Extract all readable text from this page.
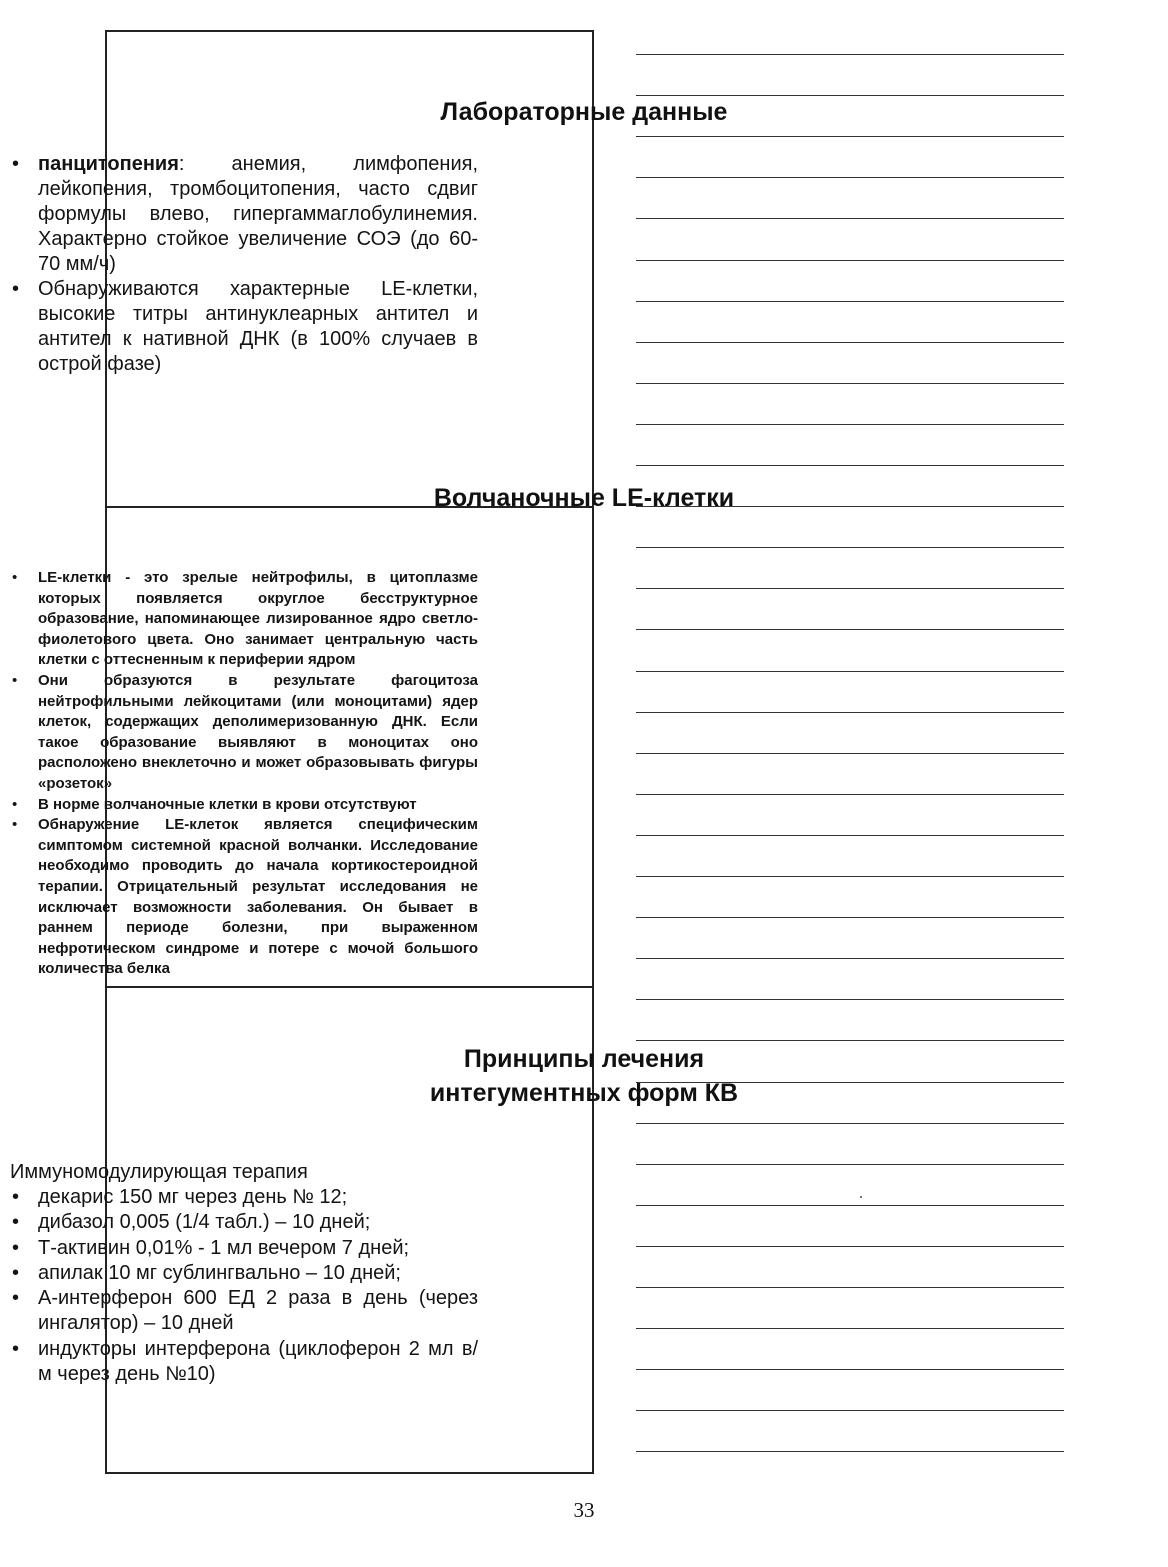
Лабораторные данные
• панцитопения: анемия, лимфопения, лейкопения, тромбоцитопения, часто сдвиг формулы влево, гипергаммаглобулинемия. Характерно стойкое увеличение СОЭ (до 60-70 мм/ч)
• Обнаруживаются характерные LE-клетки, высокие титры антинуклеарных антител и антител к нативной ДНК (в 100% случаев в острой фазе)
Волчаночные LE-клетки
• LE-клетки - это зрелые нейтрофилы, в цитоплазме которых появляется округлое бесструктурное образование, напоминающее лизированное ядро светло-фиолетового цвета. Оно занимает центральную часть клетки с оттесненным к периферии ядром
• Они образуются в результате фагоцитоза нейтрофильными лейкоцитами (или моноцитами) ядер клеток, содержащих деполимеризованную ДНК. Если такое образование выявляют в моноцитах оно расположено внеклеточно и может образовывать фигуры «розеток»
• В норме волчаночные клетки в крови отсутствуют
• Обнаружение LE-клеток является специфическим симптомом системной красной волчанки. Исследование необходимо проводить до начала кортикостероидной терапии. Отрицательный результат исследования не исключает возможности заболевания. Он бывает в раннем периоде болезни, при выраженном нефротическом синдроме и потере с мочой большого количества белка
Принципы лечения
интегументных форм КВ
Иммуномодулирующая терапия
• декарис 150 мг через день № 12;
• дибазол 0,005 (1/4 табл.) – 10 дней;
• Т-активин 0,01% - 1 мл вечером 7 дней;
• апилак 10 мг сублингвально – 10 дней;
• А-интерферон 600 ЕД 2 раза в день (через ингалятор) – 10 дней
• индукторы интерферона (циклоферон 2 мл в/м через день №10)
33
